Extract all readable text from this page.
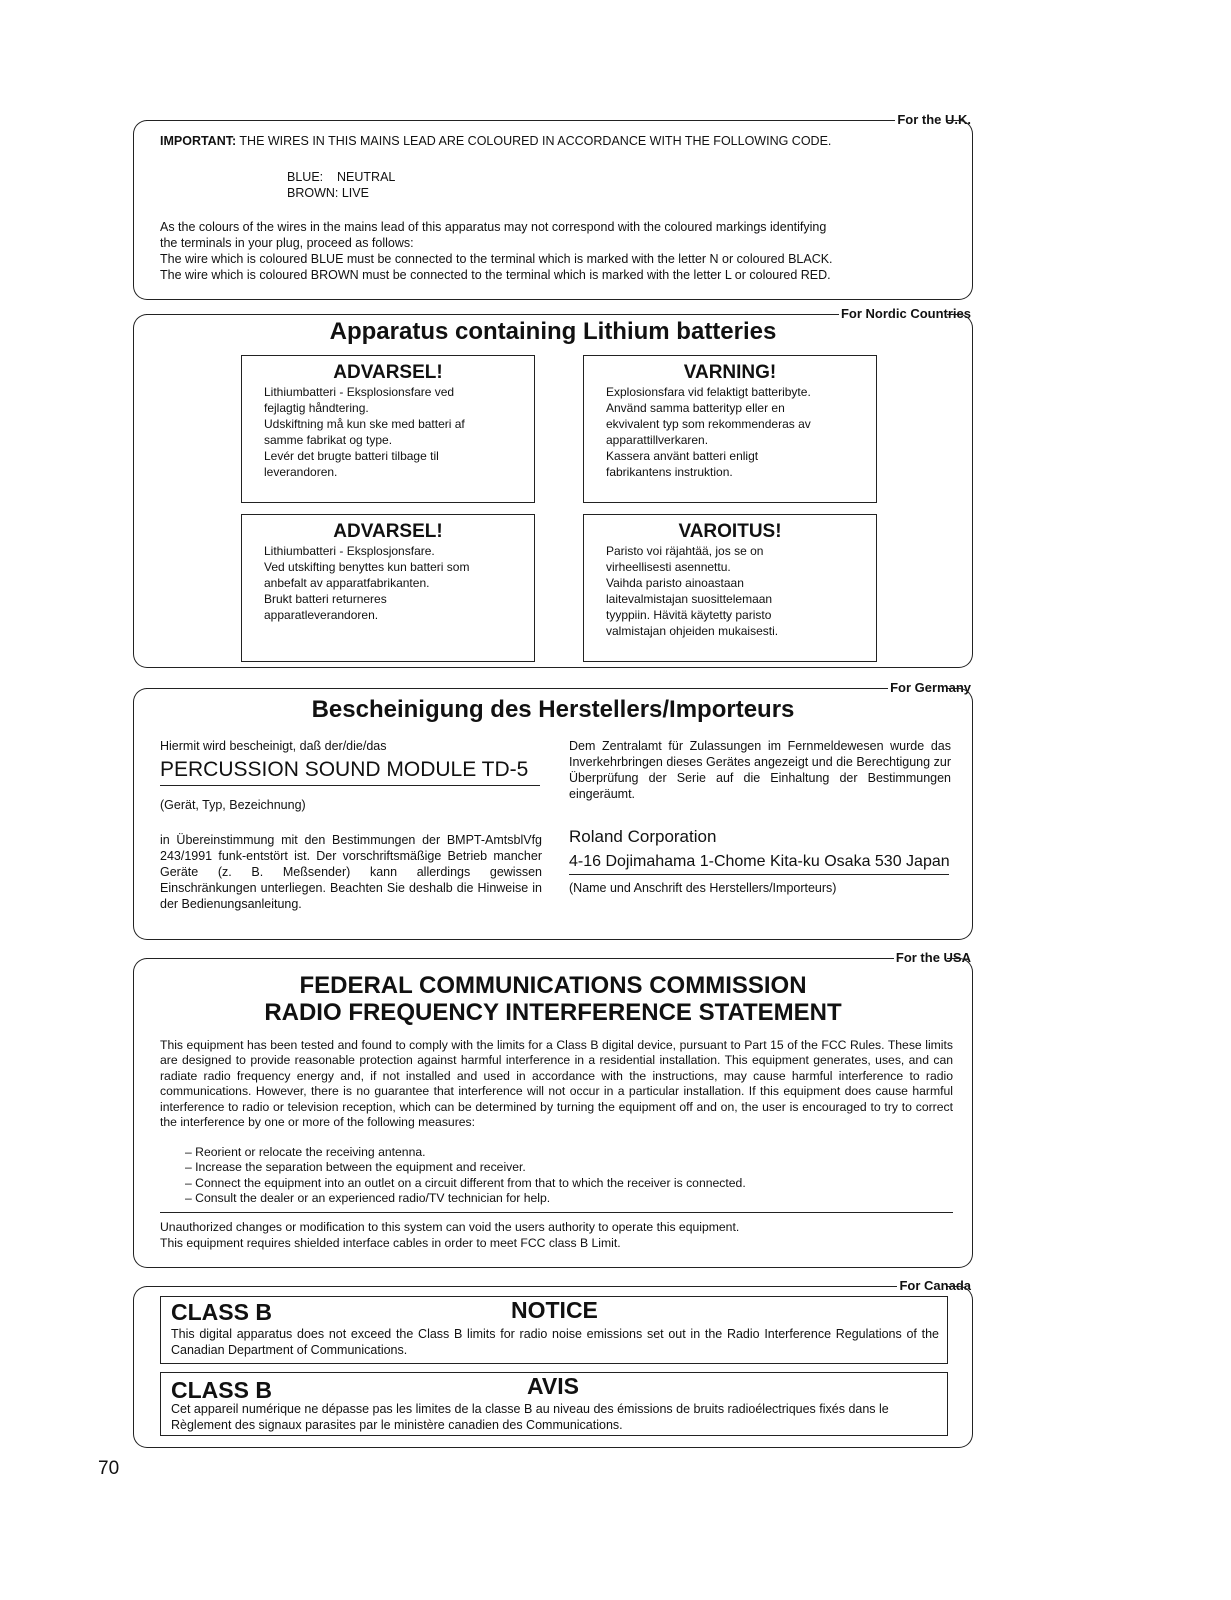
For the U.K.
IMPORTANT: THE WIRES IN THIS MAINS LEAD ARE COLOURED IN ACCORDANCE WITH THE FOLLOWING CODE.
BLUE:    NEUTRAL
BROWN: LIVE
As the colours of the wires in the mains lead of this apparatus may not correspond with the coloured markings identifying
the terminals in your plug, proceed as follows:
The wire which is coloured BLUE must be connected to the terminal which is marked with the letter N or coloured BLACK.
The wire which is coloured BROWN must be connected to the terminal which is marked with the letter L or coloured RED.
For Nordic Countries
Apparatus containing Lithium batteries
ADVARSEL!
Lithiumbatteri - Eksplosionsfare ved
fejlagtig håndtering.
Udskiftning må kun ske med batteri af
samme fabrikat og type.
Levér det brugte batteri tilbage til
leverandoren.
VARNING!
Explosionsfara vid felaktigt batteribyte.
Använd samma batterityp eller en
ekvivalent typ som rekommenderas av
apparattillverkaren.
Kassera använt batteri enligt
fabrikantens instruktion.
ADVARSEL!
Lithiumbatteri - Eksplosjonsfare.
Ved utskifting benyttes kun batteri som
anbefalt av apparatfabrikanten.
Brukt batteri returneres
apparatleverandoren.
VAROITUS!
Paristo voi räjahtää, jos se on
virheellisesti asennettu.
Vaihda paristo ainoastaan
laitevalmistajan suosittelemaan
tyyppiin. Hävitä käytetty paristo
valmistajan ohjeiden mukaisesti.
For Germany
Bescheinigung des Herstellers/Importeurs
Hiermit wird bescheinigt, daß der/die/das
PERCUSSION SOUND MODULE TD-5
(Gerät, Typ, Bezeichnung)
in Übereinstimmung mit den Bestimmungen der BMPT-AmtsblVfg 243/1991 funk-entstört ist. Der vorschriftsmäßige Betrieb mancher Geräte (z. B. Meßsender) kann allerdings gewissen Einschränkungen unterliegen. Beachten Sie deshalb die Hinweise in der Bedienungsanleitung.
Dem Zentralamt für Zulassungen im Fernmeldewesen wurde das Inverkehrbringen dieses Gerätes angezeigt und die Berechtigung zur Überprüfung der Serie auf die Einhaltung der Bestimmungen eingeräumt.
Roland Corporation
4-16 Dojimahama 1-Chome Kita-ku Osaka 530 Japan
(Name und Anschrift des Herstellers/Importeurs)
For the USA
FEDERAL COMMUNICATIONS COMMISSION
RADIO FREQUENCY INTERFERENCE STATEMENT
This equipment has been tested and found to comply with the limits for a Class B digital device, pursuant to Part 15 of the FCC Rules. These limits are designed to provide reasonable protection against harmful interference in a residential installation. This equipment generates, uses, and can radiate radio frequency energy and, if not installed and used in accordance with the instructions, may cause harmful interference to radio communications. However, there is no guarantee that interference will not occur in a particular installation. If this equipment does cause harmful interference to radio or television reception, which can be determined by turning the equipment off and on, the user is encouraged to try to correct the interference by one or more of the following measures:
– Reorient or relocate the receiving antenna.
– Increase the separation between the equipment and receiver.
– Connect the equipment into an outlet on a circuit different from that to which the receiver is connected.
– Consult the dealer or an experienced radio/TV technician for help.
Unauthorized changes or modification to this system can void the users authority to operate this equipment.
This equipment requires shielded interface cables in order to meet FCC class B Limit.
For Canada
CLASS B	NOTICE
This digital apparatus does not exceed the Class B limits for radio noise emissions set out in the Radio Interference Regulations of the Canadian Department of Communications.
CLASS B	AVIS
Cet appareil numérique ne dépasse pas les limites de la classe B au niveau des émissions de bruits radioélectriques fixés dans le Règlement des signaux parasites par le ministère canadien des Communications.
70
